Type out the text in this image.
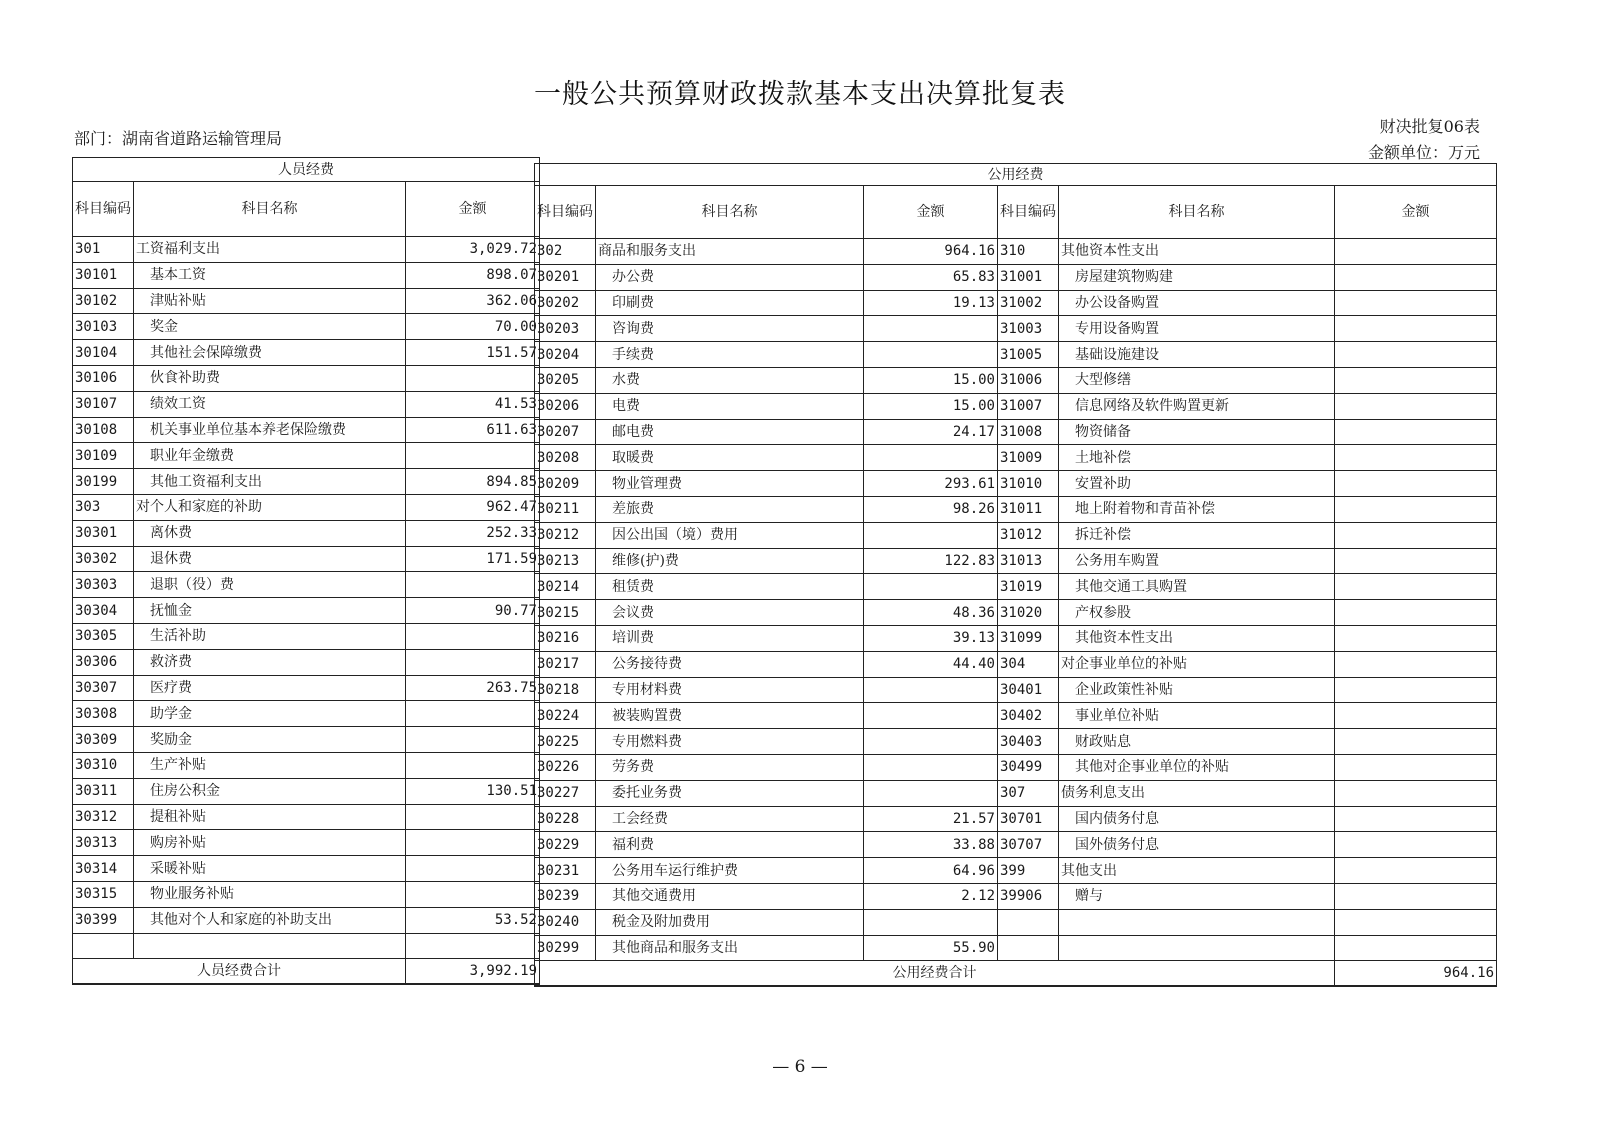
一般公共预算财政拨款基本支出决算批复表
部门：湖南省道路运输管理局
财决批复06表
金额单位：万元
人员经费		
科目编码	科目名称	金额
301	工资福利支出	3,029.72
30101	基本工资	898.07
30102	津贴补贴	362.06
30103	奖金	70.00
30104	其他社会保障缴费	151.57
30106	伙食补助费	
30107	绩效工资	41.53
30108	机关事业单位基本养老保险缴费	611.63
30109	职业年金缴费	
30199	其他工资福利支出	894.85
303	对个人和家庭的补助	962.47
30301	离休费	252.33
30302	退休费	171.59
30303	退职（役）费	
30304	抚恤金	90.77
30305	生活补助	
30306	救济费	
30307	医疗费	263.75
30308	助学金	
30309	奖励金	
30310	生产补贴	
30311	住房公积金	130.51
30312	提租补贴	
30313	购房补贴	
30314	采暖补贴	
30315	物业服务补贴	
30399	其他对个人和家庭的补助支出	53.52

人员经费合计		3,992.19
公用经费					
科目编码	科目名称	金额	科目编码	科目名称	金额
302	商品和服务支出	964.16	310	其他资本性支出	
30201	办公费	65.83	31001	房屋建筑物购建	
30202	印刷费	19.13	31002	办公设备购置	
30203	咨询费		31003	专用设备购置	
30204	手续费		31005	基础设施建设	
30205	水费	15.00	31006	大型修缮	
30206	电费	15.00	31007	信息网络及软件购置更新	
30207	邮电费	24.17	31008	物资储备	
30208	取暖费		31009	土地补偿	
30209	物业管理费	293.61	31010	安置补助	
30211	差旅费	98.26	31011	地上附着物和青苗补偿	
30212	因公出国（境）费用		31012	拆迁补偿	
30213	维修(护)费	122.83	31013	公务用车购置	
30214	租赁费		31019	其他交通工具购置	
30215	会议费	48.36	31020	产权参股	
30216	培训费	39.13	31099	其他资本性支出	
30217	公务接待费	44.40	304	对企事业单位的补贴	
30218	专用材料费		30401	企业政策性补贴	
30224	被装购置费		30402	事业单位补贴	
30225	专用燃料费		30403	财政贴息	
30226	劳务费		30499	其他对企事业单位的补贴	
30227	委托业务费		307	债务利息支出	
30228	工会经费	21.57	30701	国内债务付息	
30229	福利费	33.88	30707	国外债务付息	
30231	公务用车运行维护费	64.96	399	其他支出	
30239	其他交通费用	2.12	39906	赠与	
30240	税金及附加费用				
30299	其他商品和服务支出	55.90			
公用经费合计					964.16
— 6 —
